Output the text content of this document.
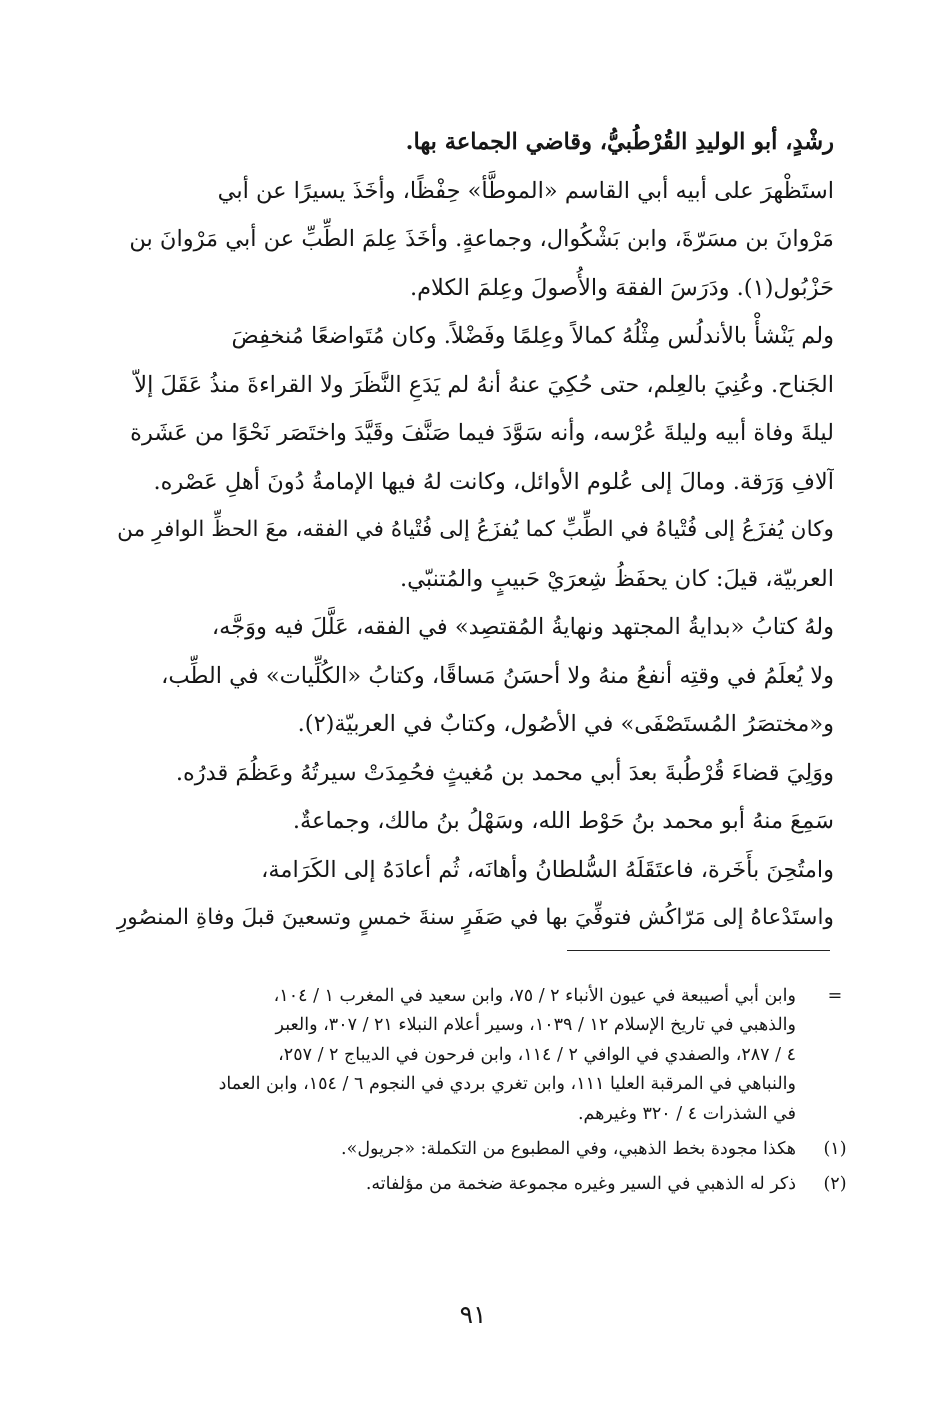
رشْدٍ، أبو الوليدِ القُرْطُبيُّ، وقاضي الجماعة بها.
استَظْهرَ على أبيه أبي القاسم «الموطَّأ» حِفْظًا، وأخَذَ يسيرًا عن أبي
مَرْوانَ بن مسَرّةَ، وابن بَشْكُوال، وجماعةٍ. وأخَذَ عِلمَ الطِّبِّ عن أبي مَرْوانَ بن
حَزْبُول(١). ودَرَسَ الفقهَ والأُصولَ وعِلمَ الكلام.
ولم يَنْشأْ بالأندلُس مِثْلُهُ كمالاً وعِلمًا وفَضْلاً. وكان مُتَواضعًا مُنخفِضَ
الجَناح. وعُنِيَ بالعِلم، حتى حُكِيَ عنهُ أنهُ لم يَدَعِ النَّظَرَ ولا القراءةَ منذُ عَقَلَ إلاّ
ليلةَ وفاة أبيه وليلةَ عُرْسه، وأنه سَوَّدَ فيما صَنَّفَ وقَيَّدَ واختَصَر نَحْوًا من عَشَرة
آلافِ وَرَقة. ومالَ إلى عُلوم الأوائل، وكانت لهُ فيها الإمامةُ دُونَ أهلِ عَصْره.
وكان يُفزَعُ إلى فُتْياهُ في الطِّبِّ كما يُفزَعُ إلى فُتْياهُ في الفقه، معَ الحظِّ الوافرِ من
العربيّة، قيلَ: كان يحفَظُ شِعرَيْ حَبيبٍ والمُتنبّي.
ولهُ كتابُ «بدايةُ المجتهد ونهايةُ المُقتصِد» في الفقه، عَلَّلَ فيه ووَجَّه،
ولا يُعلَمُ في وقتِه أنفعُ منهُ ولا أحسَنُ مَساقًا، وكتابُ «الكُلِّيات» في الطِّب،
و«مختصَرُ المُستَصْفَى» في الأصُول، وكتابٌ في العربيّة(٢).
ووَلِيَ قضاءَ قُرْطُبةَ بعدَ أبي محمد بن مُغيثٍ فحُمِدَتْ سيرتُهُ وعَظُمَ قدرُه.
سَمِعَ منهُ أبو محمد بنُ حَوْط الله، وسَهْلُ بنُ مالك، وجماعةٌ.
وامتُحِنَ بأَخَرة، فاعتَقَلَهُ السُّلطانُ وأهانَه، ثُم أعادَهُ إلى الكَرَامة،
واستَدْعاهُ إلى مَرّاكُش فتوفِّيَ بها في صَفَرٍ سنةَ خمسٍ وتسعينَ قبلَ وفاةِ المنصُورِ
=
وابن أبي أصيبعة في عيون الأنباء ٢ / ٧٥، وابن سعيد في المغرب ١ / ١٠٤،
والذهبي في تاريخ الإسلام ١٢ / ١٠٣٩، وسير أعلام النبلاء ٢١ / ٣٠٧، والعبر
٤ / ٢٨٧، والصفدي في الوافي ٢ / ١١٤، وابن فرحون في الديباج ٢ / ٢٥٧،
والنباهي في المرقبة العليا ١١١، وابن تغري بردي في النجوم ٦ / ١٥٤، وابن العماد
في الشذرات ٤ / ٣٢٠ وغيرهم.
(١)
هكذا مجودة بخط الذهبي، وفي المطبوع من التكملة: «جريول».
(٢)
ذكر له الذهبي في السير وغيره مجموعة ضخمة من مؤلفاته.
٩١
